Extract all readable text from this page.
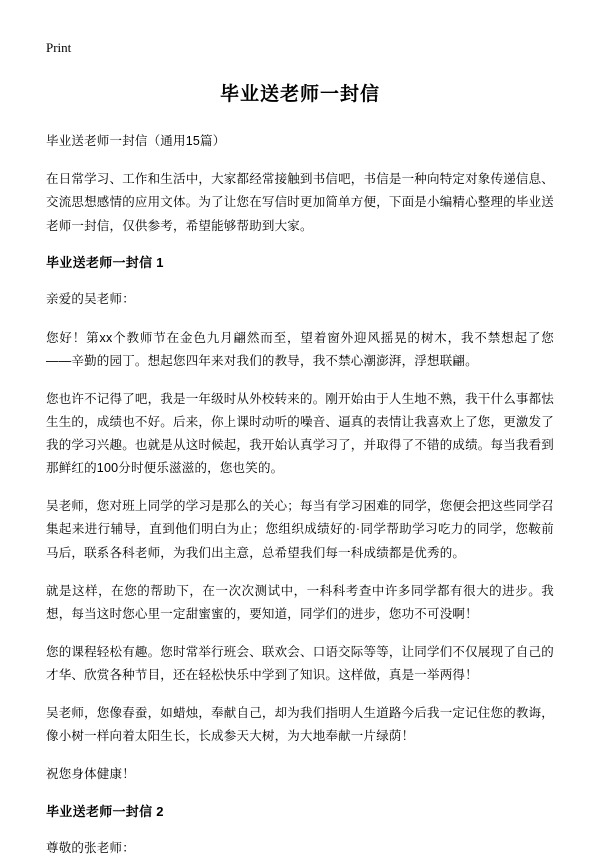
Print
毕业送老师一封信

毕业送老师一封信（通用15篇）

在日常学习、工作和生活中，大家都经常接触到书信吧，书信是一种向特定对象传递信息、交流思想感情的应用文体。为了让您在写信时更加简单方便，下面是小编精心整理的毕业送老师一封信，仅供参考，希望能够帮助到大家。

毕业送老师一封信 1

亲爱的吴老师：

您好！第xx个教师节在金色九月翩然而至，望着窗外迎风摇晃的树木，我不禁想起了您——辛勤的园丁。想起您四年来对我们的教导，我不禁心潮澎湃，浮想联翩。

您也许不记得了吧，我是一年级时从外校转来的。刚开始由于人生地不熟，我干什么事都怯生生的，成绩也不好。后来，你上课时动听的噪音、逼真的表情让我喜欢上了您，更激发了我的学习兴趣。也就是从这时候起，我开始认真学习了，并取得了不错的成绩。每当我看到那鲜红的100分时便乐滋滋的，您也笑的。

吴老师，您对班上同学的学习是那么的关心；每当有学习困难的同学，您便会把这些同学召集起来进行辅导，直到他们明白为止；您组织成绩好的·同学帮助学习吃力的同学，您鞍前马后，联系各科老师，为我们出主意，总希望我们每一科成绩都是优秀的。

就是这样，在您的帮助下，在一次次测试中，一科科考查中许多同学都有很大的进步。我想，每当这时您心里一定甜蜜蜜的，要知道，同学们的进步，您功不可没啊！

您的课程轻松有趣。您时常举行班会、联欢会、口语交际等等，让同学们不仅展现了自己的才华、欣赏各种节目，还在轻松快乐中学到了知识。这样做，真是一举两得！

吴老师，您像春蚕，如蜡烛，奉献自己，却为我们指明人生道路今后我一定记住您的教诲，像小树一样向着太阳生长，长成参天大树，为大地奉献一片绿荫！

祝您身体健康！

毕业送老师一封信 2

尊敬的张老师：
